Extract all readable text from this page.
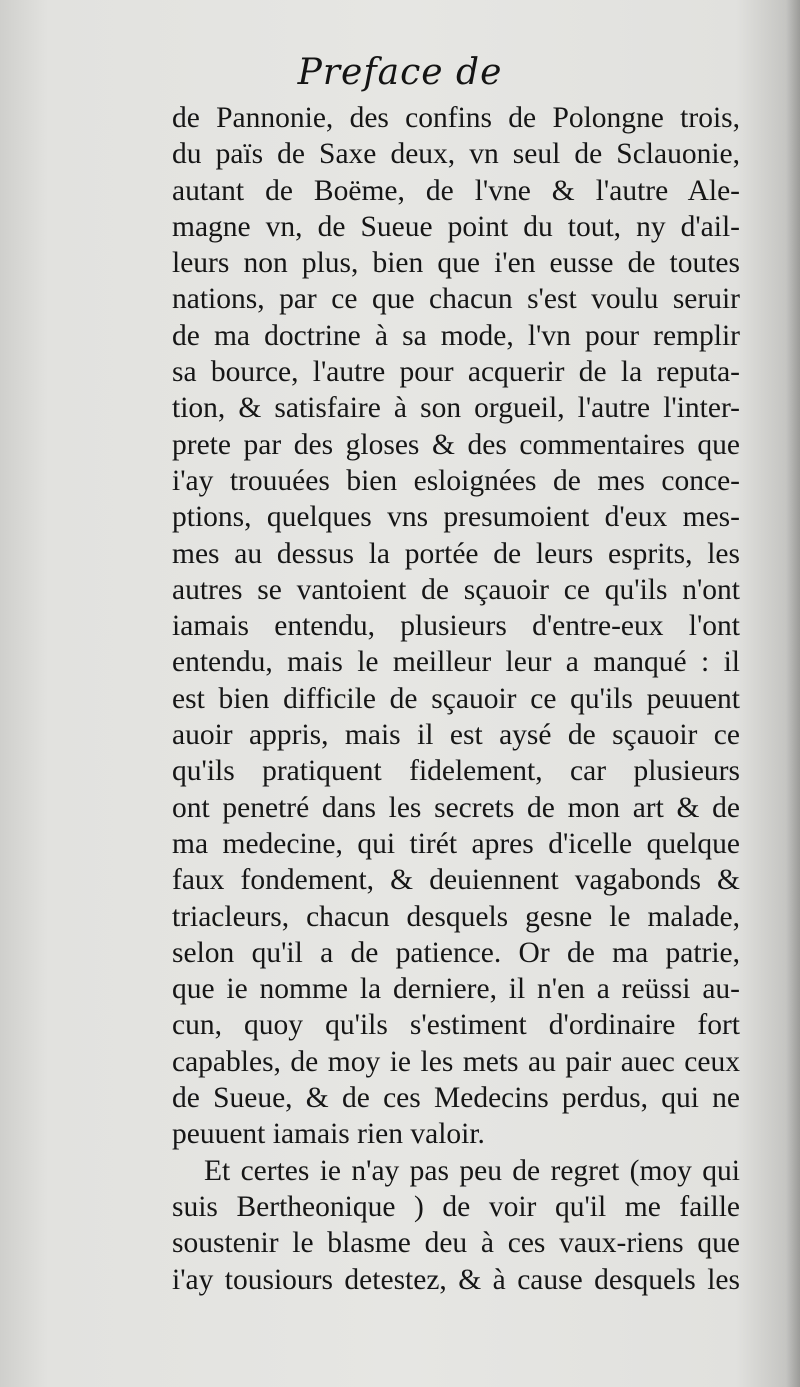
Preface de
de Pannonie, des confins de Polongne trois,
du païs de Saxe deux, vn seul de Sclauonie,
autant de Boëme, de l'vne & l'autre Ale-
magne vn, de Sueue point du tout, ny d'ail-
leurs non plus, bien que i'en eusse de toutes
nations, par ce que chacun s'est voulu seruir
de ma doctrine à sa mode, l'vn pour remplir
sa bource, l'autre pour acquerir de la reputa-
tion, & satisfaire à son orgueil, l'autre l'inter-
prete par des gloses & des commentaires que
i'ay trouuées bien esloignées de mes conce-
ptions, quelques vns presumoient d'eux mes-
mes au dessus la portée de leurs esprits, les
autres se vantoient de sçauoir ce qu'ils n'ont
iamais entendu, plusieurs d'entre-eux l'ont
entendu, mais le meilleur leur a manqué : il
est bien difficile de sçauoir ce qu'ils peuuent
auoir appris, mais il est aysé de sçauoir ce
qu'ils pratiquent fidelement, car plusieurs
ont penetré dans les secrets de mon art & de
ma medecine, qui tirét apres d'icelle quelque
faux fondement, & deuiennent vagabonds &
triacleurs, chacun desquels gesne le malade,
selon qu'il a de patience. Or de ma patrie,
que ie nomme la derniere, il n'en a reüssi au-
cun, quoy qu'ils s'estiment d'ordinaire fort
capables, de moy ie les mets au pair auec ceux
de Sueue, & de ces Medecins perdus, qui ne
peuuent iamais rien valoir.
Et certes ie n'ay pas peu de regret (moy qui
suis Bertheonique ) de voir qu'il me faille
soustenir le blasme deu à ces vaux-riens que
i'ay tousiours detestez, & à cause desquels les
